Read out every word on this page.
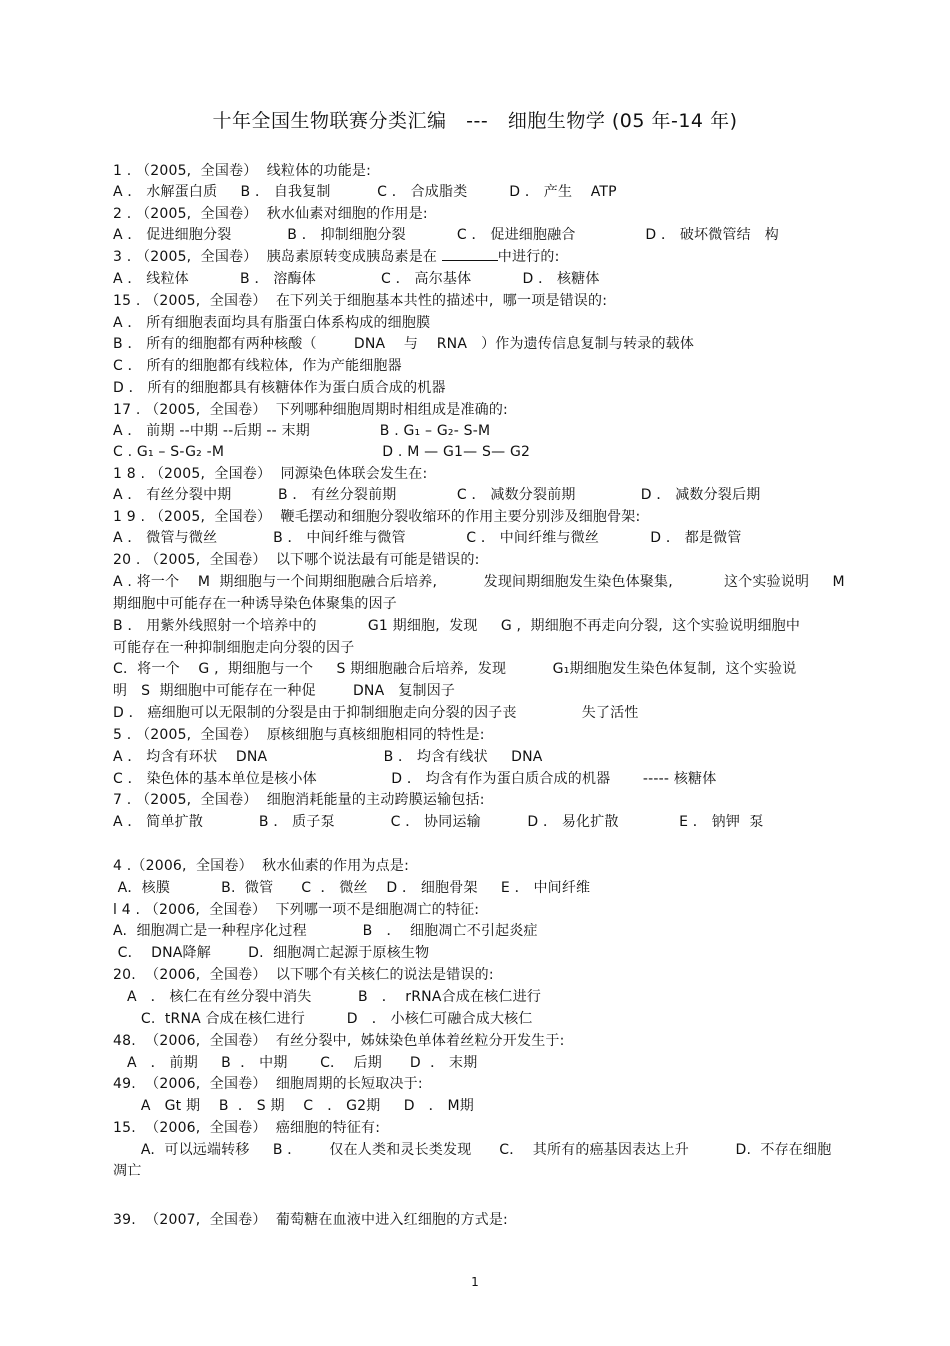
十年全国生物联赛分类汇编   ---   细胞生物学 (05 年-14 年)
1 . （2005,  全国卷）  线粒体的功能是:
A ． 水解蛋白质     B ． 自我复制          C ． 合成脂类         D ． 产生    ATP
2 . （2005,  全国卷）  秋水仙素对细胞的作用是:
A ． 促进细胞分裂            B ． 抑制细胞分裂           C ． 促进细胞融合               D ． 破坏微管结   构
3 . （2005,  全国卷）  胰岛素原转变成胰岛素是在	中进行的:
A ． 线粒体           B ． 溶酶体              C ． 高尔基体           D ． 核糖体
15 . （2005,  全国卷）  在下列关于细胞基本共性的描述中,  哪一项是错误的:
A ． 所有细胞表面均具有脂蛋白体系构成的细胞膜
B ． 所有的细胞都有两种核酸（        DNA    与    RNA   ）作为遗传信息复制与转录的载体
C ． 所有的细胞都有线粒体,  作为产能细胞器
D ． 所有的细胞都具有核糖体作为蛋白质合成的机器
17 . （2005,  全国卷）  下列哪种细胞周期时相组成是准确的:
A ． 前期 --中期 --后期 -- 末期               B . G₁ – G₂- S-M
C . G₁ – S-G₂ -M                                  D . M — G1— S— G2
1 8 . （2005,  全国卷）  同源染色体联会发生在:
A ． 有丝分裂中期          B ． 有丝分裂前期             C ． 减数分裂前期              D ． 减数分裂后期
1 9 . （2005,  全国卷）  鞭毛摆动和细胞分裂收缩环的作用主要分别涉及细胞骨架:
A ． 微管与微丝            B ． 中间纤维与微管             C ． 中间纤维与微丝           D ． 都是微管
20 . （2005,  全国卷）  以下哪个说法最有可能是错误的:
A . 将一个    M  期细胞与一个间期细胞融合后培养,          发现间期细胞发生染色体聚集,           这个实验说明     M
期细胞中可能存在一种诱导染色体聚集的因子
B ． 用紫外线照射一个培养中的           G1 期细胞,  发现     G ,  期细胞不再走向分裂,  这个实验说明细胞中
可能存在一种抑制细胞走向分裂的因子
C．将一个    G ,  期细胞与一个     S 期细胞融合后培养,  发现          G₁期细胞发生染色体复制,  这个实验说
明   S  期细胞中可能存在一种促        DNA   复制因子
D ． 癌细胞可以无限制的分裂是由于抑制细胞走向分裂的因子丧              失了活性
5 . （2005,  全国卷）  原核细胞与真核细胞相同的特性是:
A ． 均含有环状    DNA                         B ． 均含有线状     DNA
C ． 染色体的基本单位是核小体                D ． 均含有作为蛋白质合成的机器       ----- 核糖体
7 . （2005,  全国卷）  细胞消耗能量的主动跨膜运输包括:
A ． 简单扩散            B ． 质子泵            C ． 协同运输          D ． 易化扩散             E ． 钠钾  泵
4 .（2006,  全国卷）  秋水仙素的作用为点是:
A．核膜           B.  微管      C  ． 微丝    D ． 细胞骨架     E ． 中间纤维
l 4 . （2006,  全国卷）  下列哪一项不是细胞凋亡的特征:
A.  细胞凋亡是一种程序化过程            B   ．  细胞凋亡不引起炎症
C．  DNA降解        D.  细胞凋亡起源于原核生物
20.  （2006,  全国卷）  以下哪个有关核仁的说法是错误的:
A   ． 核仁在有丝分裂中消失          B   ．  rRNA合成在核仁进行
C.  tRNA 合成在核仁进行         D   ． 小核仁可融合成大核仁
48.  （2006,  全国卷）  有丝分裂中,  姊妹染色单体着丝粒分开发生于:
A   ． 前期     B  ． 中期       C．  后期      D  ． 末期
49.  （2006,  全国卷）  细胞周期的长短取决于:
A   Gt 期    B  ． S 期    C   ． G2期     D   ． M期
15.  （2006,  全国卷）  癌细胞的特征有:
A.  可以远端转移     B ．      仅在人类和灵长类发现      C．  其所有的癌基因表达上升          D.  不存在细胞
凋亡
39.  （2007,  全国卷）  葡萄糖在血液中进入红细胞的方式是:
1
